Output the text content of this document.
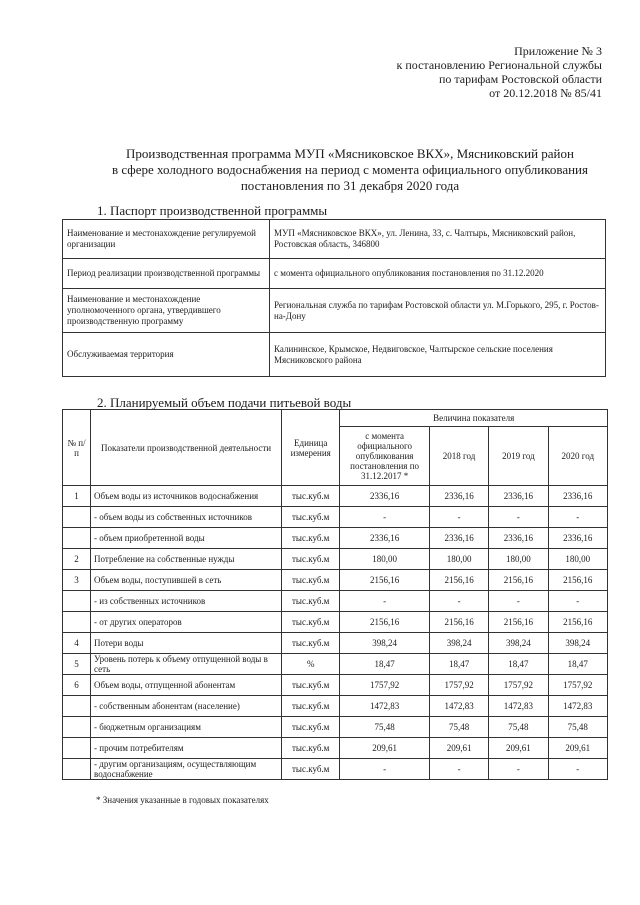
Приложение № 3
к постановлению Региональной службы
по тарифам Ростовской области
от 20.12.2018 № 85/41
Производственная программа МУП «Мясниковское ВКХ», Мясниковский район
в сфере холодного водоснабжения на период с момента официального опубликования
постановления по 31 декабря 2020 года
1. Паспорт производственной программы
Наименование и местонахождение регулируемой организации	МУП «Мясниковское ВКХ», ул. Ленина, 33, с. Чалтырь, Мясниковский район, Ростовская область, 346800
Период реализации производственной программы	с момента официального опубликования постановления по 31.12.2020
Наименование и местонахождение уполномоченного органа, утвердившего производственную программу	Региональная служба по тарифам Ростовской области ул. М.Горького, 295, г. Ростов-на-Дону
Обслуживаемая территория	Калининское, Крымское, Недвиговское, Чалтырское сельские поселения Мясниковского района
2. Планируемый объем подачи питьевой воды
№ п/п	Показатели производственной деятельности	Единица измерения	Величина показателя			
			с момента официального опубликования постановления по 31.12.2017 *	2018 год	2019 год	2020 год
1	Объем воды из источников водоснабжения	тыс.куб.м	2336,16	2336,16	2336,16	2336,16
	- объем воды из собственных источников	тыс.куб.м	-	-	-	-
	- объем приобретенной воды	тыс.куб.м	2336,16	2336,16	2336,16	2336,16
2	Потребление на собственные нужды	тыс.куб.м	180,00	180,00	180,00	180,00
3	Объем воды, поступившей в сеть	тыс.куб.м	2156,16	2156,16	2156,16	2156,16
	- из собственных источников	тыс.куб.м	-	-	-	-
	- от других операторов	тыс.куб.м	2156,16	2156,16	2156,16	2156,16
4	Потери воды	тыс.куб.м	398,24	398,24	398,24	398,24
5	Уровень потерь к объему отпущенной воды в сеть	%	18,47	18,47	18,47	18,47
6	Объем воды, отпущенной абонентам	тыс.куб.м	1757,92	1757,92	1757,92	1757,92
	- собственным абонентам (население)	тыс.куб.м	1472,83	1472,83	1472,83	1472,83
	- бюджетным организациям	тыс.куб.м	75,48	75,48	75,48	75,48
	- прочим потребителям	тыс.куб.м	209,61	209,61	209,61	209,61
	- другим организациям, осуществляющим водоснабжение	тыс.куб.м	-	-	-	-
* Значения указанные в годовых показателях
